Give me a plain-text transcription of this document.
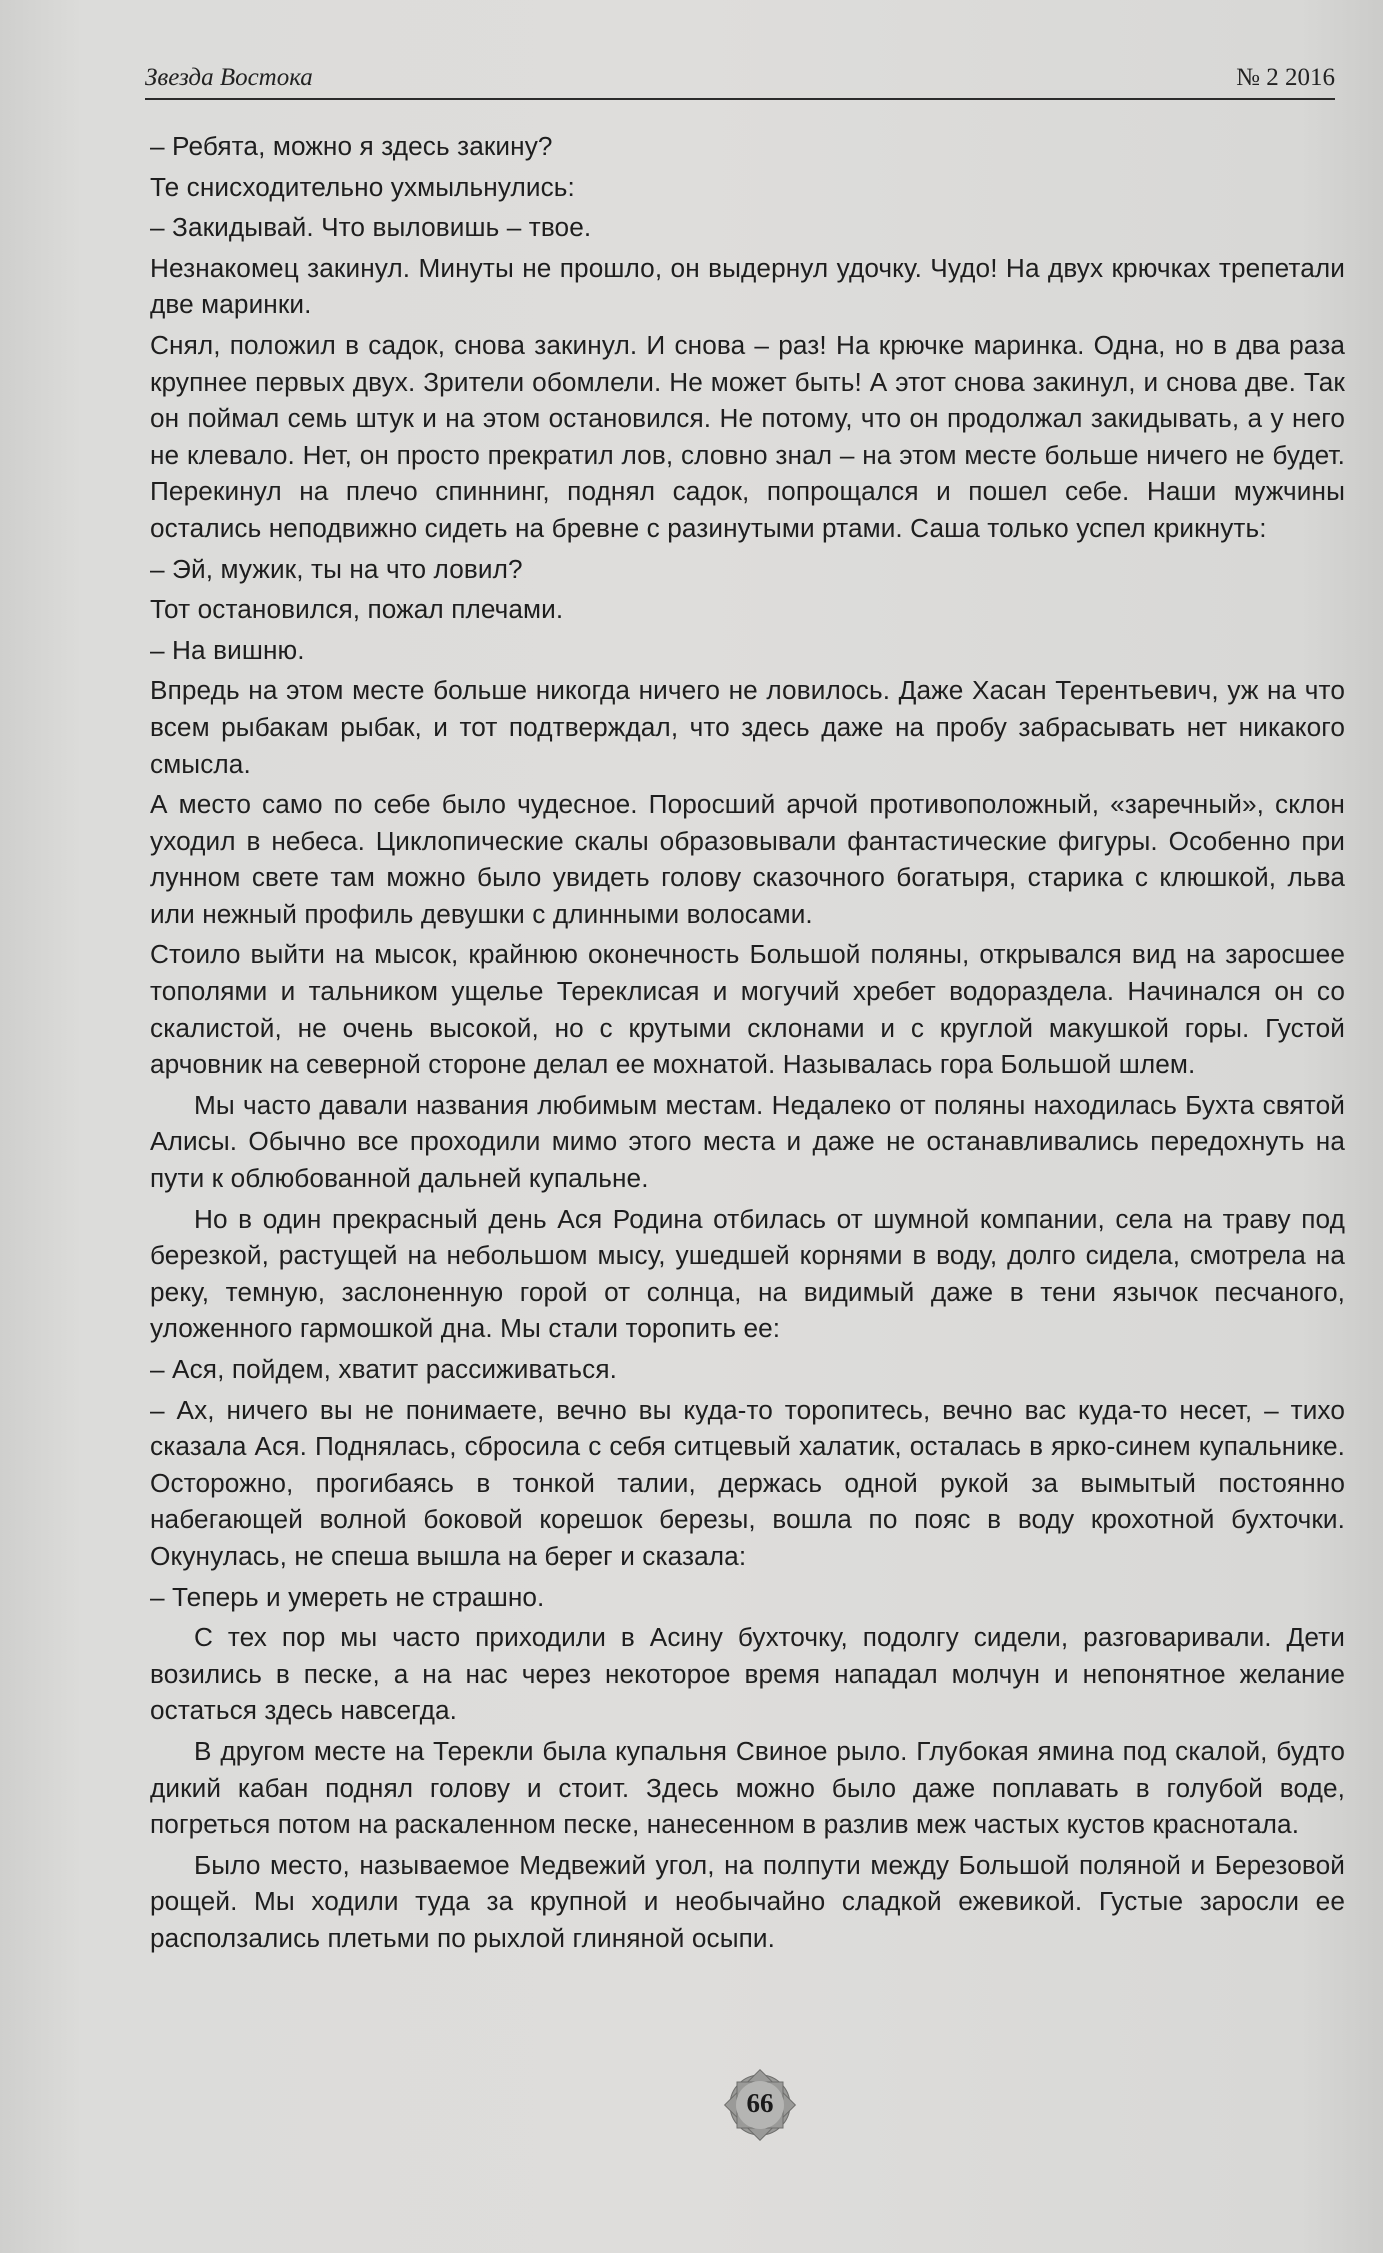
Звезда Востока	№ 2 2016

– Ребята, можно я здесь закину?

Те снисходительно ухмыльнулись:

– Закидывай. Что выловишь – твое.

Незнакомец закинул. Минуты не прошло, он выдернул удочку. Чудо! На двух крючках трепетали две маринки.

Снял, положил в садок, снова закинул. И снова – раз! На крючке маринка. Одна, но в два раза крупнее первых двух. Зрители обомлели. Не может быть! А этот снова закинул, и снова две. Так он поймал семь штук и на этом остановился. Не потому, что он продолжал закидывать, а у него не клевало. Нет, он просто прекратил лов, словно знал – на этом месте больше ничего не будет. Перекинул на плечо спиннинг, поднял садок, попрощался и пошел себе. Наши мужчины остались неподвижно сидеть на бревне с разинутыми ртами. Саша только успел крикнуть:

– Эй, мужик, ты на что ловил?

Тот остановился, пожал плечами.

– На вишню.

Впредь на этом месте больше никогда ничего не ловилось. Даже Хасан Терентьевич, уж на что всем рыбакам рыбак, и тот подтверждал, что здесь даже на пробу забрасывать нет никакого смысла.

А место само по себе было чудесное. Поросший арчой противоположный, «заречный», склон уходил в небеса. Циклопические скалы образовывали фантастические фигуры. Особенно при лунном свете там можно было увидеть голову сказочного богатыря, старика с клюшкой, льва или нежный профиль девушки с длинными волосами.

Стоило выйти на мысок, крайнюю оконечность Большой поляны, открывался вид на заросшее тополями и тальником ущелье Тереклисая и могучий хребет водораздела. Начинался он со скалистой, не очень высокой, но с крутыми склонами и с круглой макушкой горы. Густой арчовник на северной стороне делал ее мохнатой. Называлась гора Большой шлем.

Мы часто давали названия любимым местам. Недалеко от поляны находилась Бухта святой Алисы. Обычно все проходили мимо этого места и даже не останавливались передохнуть на пути к облюбованной дальней купальне.

Но в один прекрасный день Ася Родина отбилась от шумной компании, села на траву под березкой, растущей на небольшом мысу, ушедшей корнями в воду, долго сидела, смотрела на реку, темную, заслоненную горой от солнца, на видимый даже в тени язычок песчаного, уложенного гармошкой дна. Мы стали торопить ее:

– Ася, пойдем, хватит рассиживаться.

– Ах, ничего вы не понимаете, вечно вы куда-то торопитесь, вечно вас куда-то несет, – тихо сказала Ася. Поднялась, сбросила с себя ситцевый халатик, осталась в ярко-синем купальнике. Осторожно, прогибаясь в тонкой талии, держась одной рукой за вымытый постоянно набегающей волной боковой корешок березы, вошла по пояс в воду крохотной бухточки. Окунулась, не спеша вышла на берег и сказала:

– Теперь и умереть не страшно.

С тех пор мы часто приходили в Асину бухточку, подолгу сидели, разговаривали. Дети возились в песке, а на нас через некоторое время нападал молчун и непонятное желание остаться здесь навсегда.

В другом месте на Терекли была купальня Свиное рыло. Глубокая ямина под скалой, будто дикий кабан поднял голову и стоит. Здесь можно было даже поплавать в голубой воде, погреться потом на раскаленном песке, нанесенном в разлив меж частых кустов краснотала.

Было место, называемое Медвежий угол, на полпути между Большой поляной и Березовой рощей. Мы ходили туда за крупной и необычайно сладкой ежевикой. Густые заросли ее расползались плетьми по рыхлой глиняной осыпи.

66
